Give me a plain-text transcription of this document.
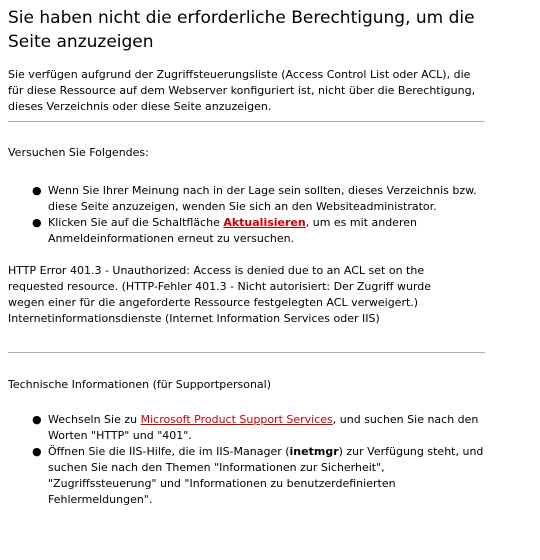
Sie haben nicht die erforderliche Berechtigung, um die Seite anzuzeigen

Sie verfügen aufgrund der Zugriffsteuerungsliste (Access Control List oder ACL), die für diese Ressource auf dem Webserver konfiguriert ist, nicht über die Berechtigung, dieses Verzeichnis oder diese Seite anzuzeigen.

Versuchen Sie Folgendes:

● Wenn Sie Ihrer Meinung nach in der Lage sein sollten, dieses Verzeichnis bzw. diese Seite anzuzeigen, wenden Sie sich an den Websiteadministrator.
● Klicken Sie auf die Schaltfläche Aktualisieren, um es mit anderen Anmeldeinformationen erneut zu versuchen.

HTTP Error 401.3 - Unauthorized: Access is denied due to an ACL set on the requested resource. (HTTP-Fehler 401.3 - Nicht autorisiert: Der Zugriff wurde wegen einer für die angeforderte Ressource festgelegten ACL verweigert.) Internetinformationsdienste (Internet Information Services oder IIS)

Technische Informationen (für Supportpersonal)

● Wechseln Sie zu Microsoft Product Support Services, und suchen Sie nach den Worten "HTTP" und "401".
● Öffnen Sie die IIS-Hilfe, die im IIS-Manager (inetmgr) zur Verfügung steht, und suchen Sie nach den Themen "Informationen zur Sicherheit", "Zugriffssteuerung" und "Informationen zu benutzerdefinierten Fehlermeldungen".
